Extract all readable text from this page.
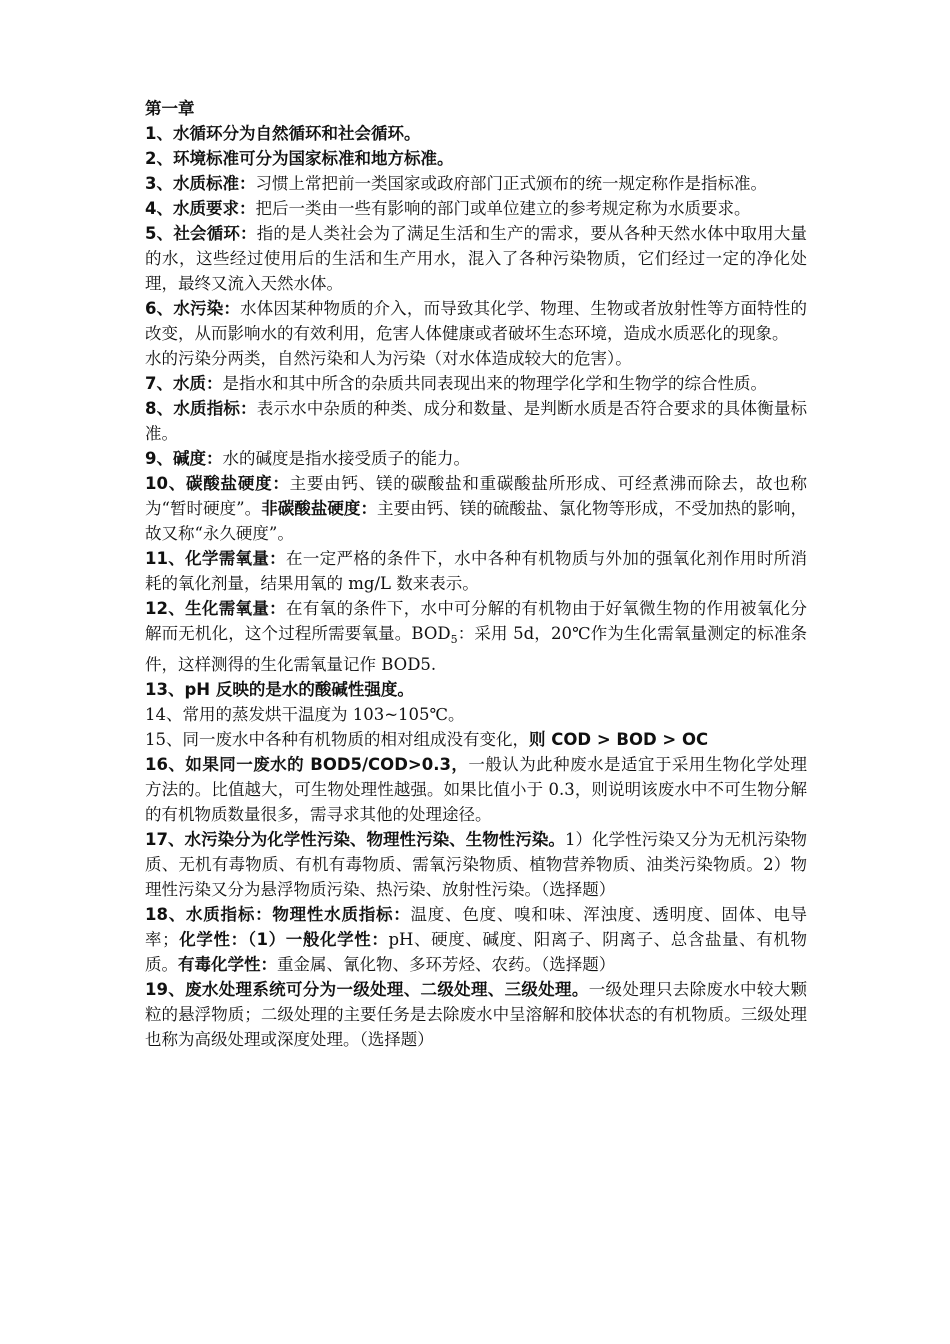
第一章

1、水循环分为自然循环和社会循环。

2、环境标准可分为国家标准和地方标准。

3、水质标准：习惯上常把前一类国家或政府部门正式颁布的统一规定称作是指标准。

4、水质要求：把后一类由一些有影响的部门或单位建立的参考规定称为水质要求。

5、社会循环：指的是人类社会为了满足生活和生产的需求，要从各种天然水体中取用大量的水，这些经过使用后的生活和生产用水，混入了各种污染物质，它们经过一定的净化处理，最终又流入天然水体。

6、水污染：水体因某种物质的介入，而导致其化学、物理、生物或者放射性等方面特性的改变，从而影响水的有效利用，危害人体健康或者破坏生态环境，造成水质恶化的现象。

水的污染分两类，自然污染和人为污染（对水体造成较大的危害）。

7、水质：是指水和其中所含的杂质共同表现出来的物理学化学和生物学的综合性质。

8、水质指标：表示水中杂质的种类、成分和数量、是判断水质是否符合要求的具体衡量标准。

9、碱度：水的碱度是指水接受质子的能力。

10、碳酸盐硬度：主要由钙、镁的碳酸盐和重碳酸盐所形成、可经煮沸而除去，故也称为“暂时硬度”。非碳酸盐硬度：主要由钙、镁的硫酸盐、氯化物等形成，不受加热的影响，故又称“永久硬度”。

11、化学需氧量：在一定严格的条件下，水中各种有机物质与外加的强氧化剂作用时所消耗的氧化剂量，结果用氧的 mg/L 数来表示。

12、生化需氧量：在有氧的条件下，水中可分解的有机物由于好氧微生物的作用被氧化分解而无机化，这个过程所需要氧量。$BOD_5$：采用 5d，20℃作为生化需氧量测定的标准条件，这样测得的生化需氧量记作 BOD5.

13、pH 反映的是水的酸碱性强度。

14、常用的蒸发烘干温度为 103~105℃。

15、同一废水中各种有机物质的相对组成没有变化，则 COD > BOD > OC

16、如果同一废水的 BOD5/COD>0.3，一般认为此种废水是适宜于采用生物化学处理方法的。比值越大，可生物处理性越强。如果比值小于 0.3，则说明该废水中不可生物分解的有机物质数量很多，需寻求其他的处理途径。

17、水污染分为化学性污染、物理性污染、生物性污染。1）化学性污染又分为无机污染物质、无机有毒物质、有机有毒物质、需氧污染物质、植物营养物质、油类污染物质。2）物理性污染又分为悬浮物质污染、热污染、放射性污染。（选择题）

18、水质指标：物理性水质指标：温度、色度、嗅和味、浑浊度、透明度、固体、电导率；化学性：（1）一般化学性：pH、硬度、碱度、阳离子、阴离子、总含盐量、有机物质。有毒化学性：重金属、氰化物、多环芳烃、农药。（选择题）

19、废水处理系统可分为一级处理、二级处理、三级处理。一级处理只去除废水中较大颗粒的悬浮物质；二级处理的主要任务是去除废水中呈溶解和胶体状态的有机物质。三级处理也称为高级处理或深度处理。（选择题）
